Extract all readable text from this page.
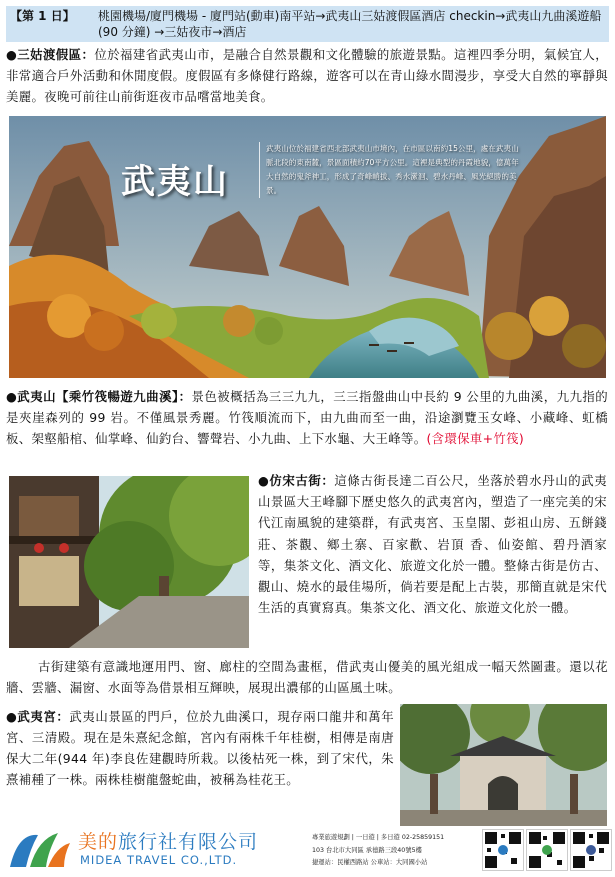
【第 1 日】 桃園機場/廈門機場 - 廈門站(動車)南平站→武夷山三姑渡假區酒店 checkin→武夷山九曲溪遊船(90 分鐘) →三姑夜市→酒店
●三姑渡假區：位於福建省武夷山市，是融合自然景觀和文化體驗的旅遊景點。這裡四季分明，氣候宜人，非常適合戶外活動和休閒度假。度假區有多條健行路線，遊客可以在青山綠水間漫步，享受大自然的寧靜與美麗。夜晚可前往山前街逛夜市品嚐當地美食。
武夷山
武夷山位於福建省西北部武夷山市境內，在市區以南約15公里，處在武夷山脈北段的東南麓，景區面積約70平方公里。這裡是典型的丹霞地貌，億萬年大自然的鬼斧神工，形成了奇峰峭拔、秀水瀠洄、碧水丹峰、風光絕勝的美景。
●武夷山【乘竹筏暢遊九曲溪】：景色被概括為三三九九，三三指盤曲山中長約 9 公里的九曲溪，九九指的是夾崖森列的 99 岩。不僅風景秀麗。竹筏順流而下，由九曲而至一曲，沿途瀏覽玉女峰、小藏峰、虹橋板、架壑船棺、仙掌峰、仙釣台、響聲岩、小九曲、上下水龜、大王峰等。(含環保車+竹筏)
●仿宋古街：這條古街長達二百公尺，坐落於碧水丹山的武夷山景區大王峰腳下歷史悠久的武夷宮內，塑造了一座完美的宋代江南風貌的建築群，有武夷宮、玉皇閣、彭祖山房、五餅錢莊、茶觀、鄉土寨、百家歡、岩頂 香、仙姿館、碧丹酒家 等，集茶文化、酒文化、旅遊文化於一體。整條古街是仿古、觀山、燒水的最佳場所，倘若要是配上古裝，那簡直就是宋代生活的真實寫真。集茶文化、酒文化、旅遊文化於一體。
古街建築有意識地運用門、窗、廊柱的空間為畫框，借武夷山優美的風光組成一幅天然圖畫。還以花牆、雲牆、漏窗、水面等為借景相互輝映，展現出濃郁的山區風土味。
●武夷宮：武夷山景區的門戶，位於九曲溪口，現存兩口龍井和萬年宮、三清殿。現在是朱熹紀念館，宮內有兩株千年桂樹，相傳是南唐保大二年(944 年)李良佐建觀時所栽。以後枯死一株，到了宋代，朱熹補種了一株。兩株桂樹龍盤蛇曲，被稱為桂花王。
美的旅行社有限公司
MIDEA TRAVEL CO.,LTD.
專業旅遊規劃 | 一日遊 | 多日遊 02-25859151
103 台北市大同區 承德路三段40號5樓
捷運站：民權西路站 公車站：大同國小站
